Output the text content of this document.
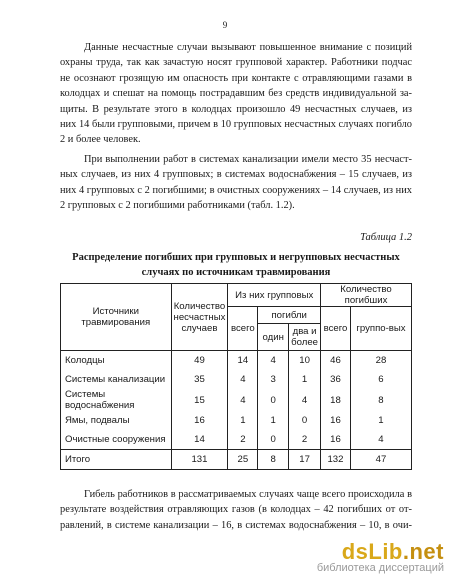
9

Данные несчастные случаи вызывают повышенное внимание с позиций
охраны труда, так как зачастую носят групповой характер. Работники подчас
не осознают грозящую им опасность при контакте с отравляющими газами в
колодцах и спешат на помощь пострадавшим без средств индивидуальной за-
щиты. В результате этого в колодцах произошло 49 несчастных случаев, из
них 14 были групповыми, причем в 10 групповых несчастных случаях погибло
2 и более человек.

При выполнении работ в системах канализации имели место 35 несчаст-
ных случаев, из них 4 групповых; в системах водоснабжения – 15 случаев, из
них 4 групповых с 2 погибшими; в очистных сооружениях – 14 случаев, из них
2 групповых с 2 погибшими работниками (табл. 1.2).

Таблица 1.2
Распределение погибших при групповых и негрупповых несчастных
случаях по источникам травмирования
Источники травмирования	Количество несчастных случаев	Из них групповых			Количество погибших	
		всего	погибли		всего	группо-вых
			один	два и более		
Колодцы	49	14	4	10	46	28
Системы канализации	35	4	3	1	36	6
Системы водоснабжения	15	4	0	4	18	8
Ямы, подвалы	16	1	1	0	16	1
Очистные сооружения	14	2	0	2	16	4
Итого	131	25	8	17	132	47

Гибель работников в рассматриваемых случаях чаще всего происходила в
результате воздействия отравляющих газов (в колодцах – 42 погибших от от-
равлений, в системе канализации – 16, в системах водоснабжения – 10, в очи-

dsLib.net
библиотека диссертаций
